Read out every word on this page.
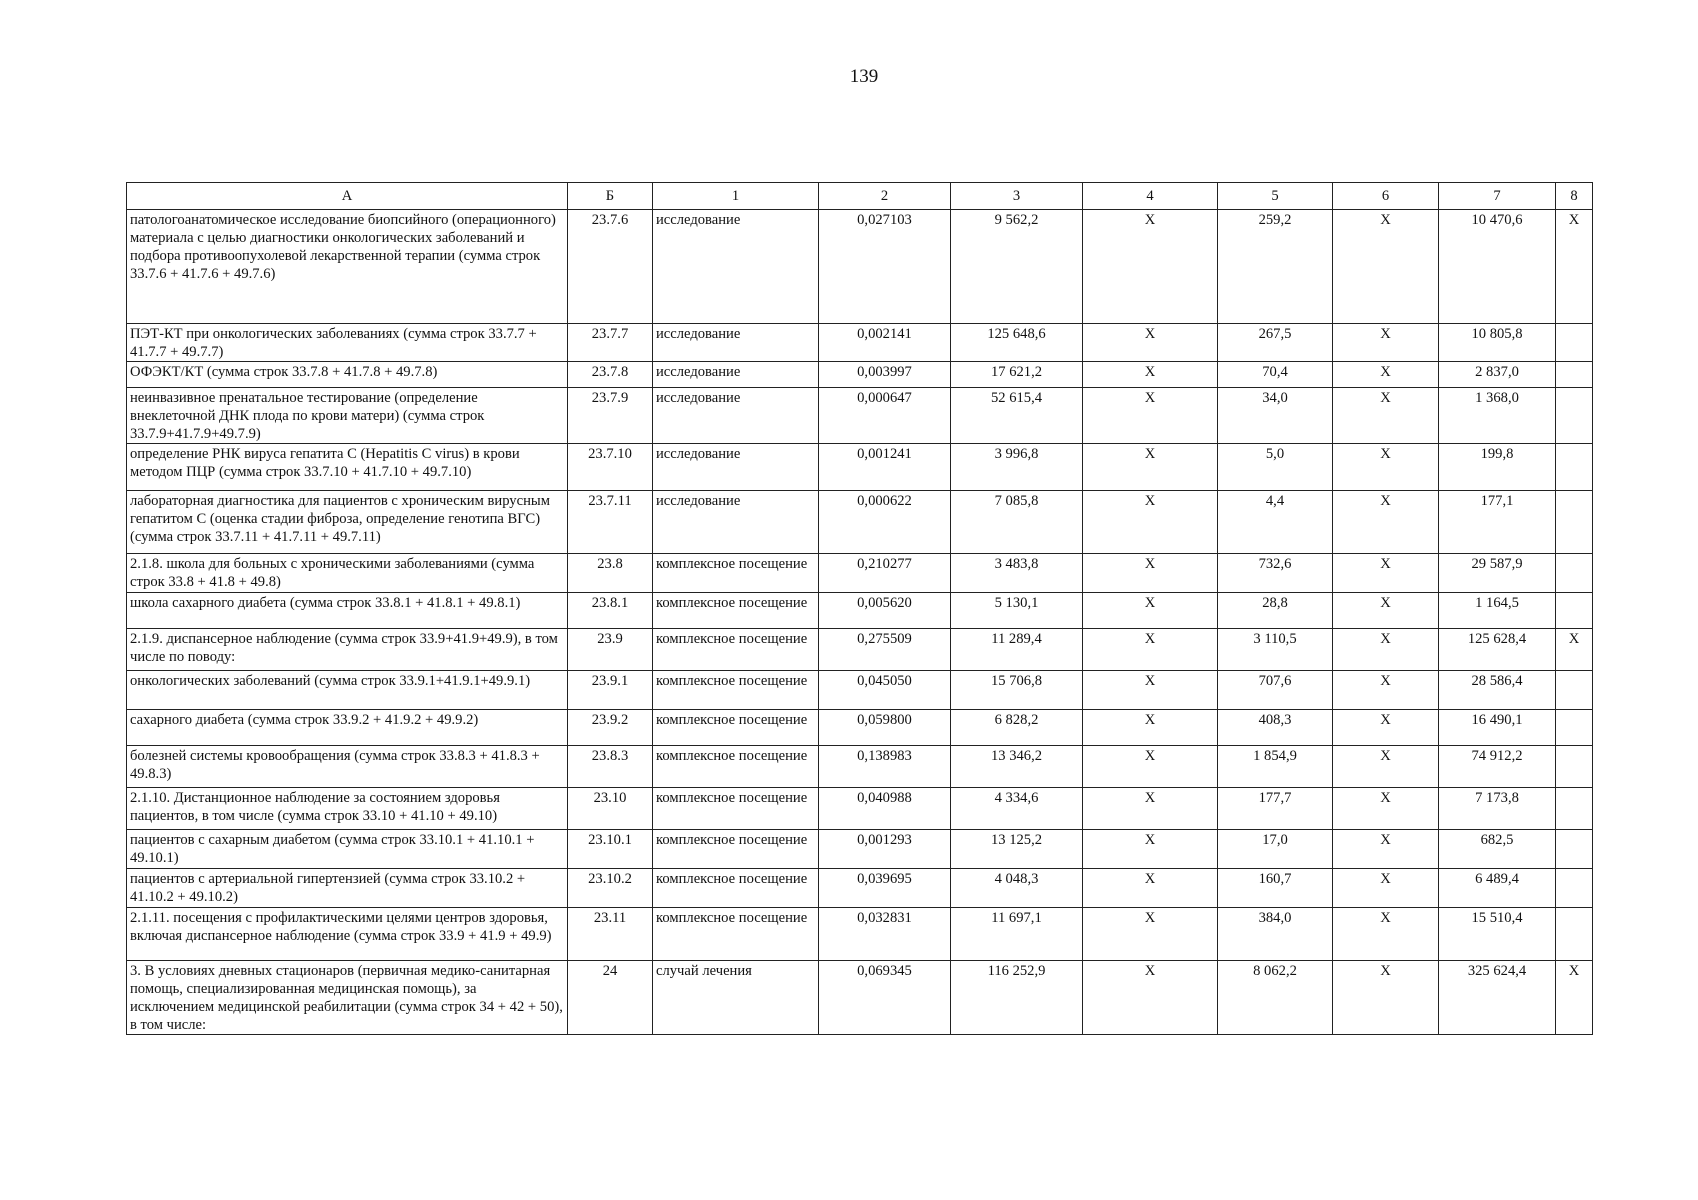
139
А	Б	1	2	3	4	5	6	7	8
патологоанатомическое исследование биопсийного (операционного) материала с целью диагностики онкологических заболеваний и подбора противоопухолевой лекарственной терапии (сумма строк 33.7.6 + 41.7.6 + 49.7.6)	23.7.6	исследование	0,027103	9 562,2	Х	259,2	Х	10 470,6	Х
ПЭТ-КТ при онкологических заболеваниях (сумма строк 33.7.7 + 41.7.7 + 49.7.7)	23.7.7	исследование	0,002141	125 648,6	Х	267,5	Х	10 805,8	
ОФЭКТ/КТ (сумма строк 33.7.8 + 41.7.8 + 49.7.8)	23.7.8	исследование	0,003997	17 621,2	Х	70,4	Х	2 837,0	
неинвазивное пренатальное тестирование (определение внеклеточной ДНК плода по крови матери) (сумма строк 33.7.9+41.7.9+49.7.9)	23.7.9	исследование	0,000647	52 615,4	Х	34,0	Х	1 368,0	
определение РНК вируса гепатита С (Hepatitis C virus) в крови методом ПЦР (сумма строк 33.7.10 + 41.7.10 + 49.7.10)	23.7.10	исследование	0,001241	3 996,8	Х	5,0	Х	199,8	
лабораторная диагностика для пациентов с хроническим вирусным гепатитом С (оценка стадии фиброза, определение генотипа ВГС) (сумма строк 33.7.11 + 41.7.11 + 49.7.11)	23.7.11	исследование	0,000622	7 085,8	Х	4,4	Х	177,1	
2.1.8. школа для больных с хроническими заболеваниями (сумма строк 33.8 + 41.8 + 49.8)	23.8	комплексное посещение	0,210277	3 483,8	Х	732,6	Х	29 587,9	
школа сахарного диабета (сумма строк 33.8.1 + 41.8.1 + 49.8.1)	23.8.1	комплексное посещение	0,005620	5 130,1	Х	28,8	Х	1 164,5	
2.1.9. диспансерное наблюдение (сумма строк 33.9+41.9+49.9), в том числе по поводу:	23.9	комплексное посещение	0,275509	11 289,4	Х	3 110,5	Х	125 628,4	Х
онкологических заболеваний (сумма строк 33.9.1+41.9.1+49.9.1)	23.9.1	комплексное посещение	0,045050	15 706,8	Х	707,6	Х	28 586,4	
сахарного диабета (сумма строк 33.9.2 + 41.9.2 + 49.9.2)	23.9.2	комплексное посещение	0,059800	6 828,2	Х	408,3	Х	16 490,1	
болезней системы кровообращения (сумма строк 33.8.3 + 41.8.3 + 49.8.3)	23.8.3	комплексное посещение	0,138983	13 346,2	Х	1 854,9	Х	74 912,2	
2.1.10. Дистанционное наблюдение за состоянием здоровья пациентов, в том числе (сумма строк 33.10 + 41.10 + 49.10)	23.10	комплексное посещение	0,040988	4 334,6	Х	177,7	Х	7 173,8	
пациентов с сахарным диабетом (сумма строк 33.10.1 + 41.10.1 + 49.10.1)	23.10.1	комплексное посещение	0,001293	13 125,2	Х	17,0	Х	682,5	
пациентов с артериальной гипертензией (сумма строк 33.10.2 + 41.10.2 + 49.10.2)	23.10.2	комплексное посещение	0,039695	4 048,3	Х	160,7	Х	6 489,4	
2.1.11. посещения с профилактическими целями центров здоровья, включая диспансерное наблюдение (сумма строк 33.9 + 41.9 + 49.9)	23.11	комплексное посещение	0,032831	11 697,1	Х	384,0	Х	15 510,4	
3. В условиях дневных стационаров (первичная медико-санитарная помощь, специализированная медицинская помощь), за исключением медицинской реабилитации (сумма строк 34 + 42 + 50), в том числе:	24	случай лечения	0,069345	116 252,9	Х	8 062,2	Х	325 624,4	Х
